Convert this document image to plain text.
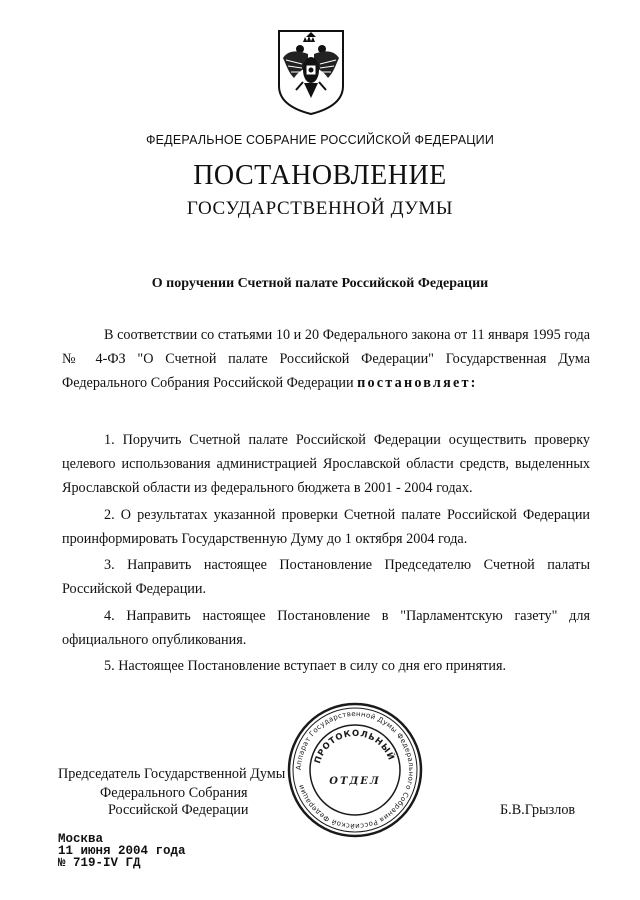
ФЕДЕРАЛЬНОЕ СОБРАНИЕ РОССИЙСКОЙ ФЕДЕРАЦИИ
ПОСТАНОВЛЕНИЕ
ГОСУДАРСТВЕННОЙ ДУМЫ
О поручении Счетной палате Российской Федерации

В соответствии со статьями 10 и 20 Федерального закона от 11 января 1995 года № 4-ФЗ "О Счетной палате Российской Федерации" Государственная Дума Федерального Собрания Российской Федерации постановляет:

1. Поручить Счетной палате Российской Федерации осуществить проверку целевого использования администрацией Ярославской области средств, выделенных Ярославской области из федерального бюджета в 2001 - 2004 годах.

2. О результатах указанной проверки Счетной палате Российской Федерации проинформировать Государственную Думу до 1 октября 2004 года.

3. Направить настоящее Постановление Председателю Счетной палаты Российской Федерации.

4. Направить настоящее Постановление в "Парламентскую газету" для официального опубликования.

5. Настоящее Постановление вступает в силу со дня его принятия.

Председатель Государственной Думы
Федерального Собрания
Российской Федерации	Б.В.Грызлов
Аппарат Государственной Думы Федерального Собрания Российской Федерации
ПРОТОКОЛЬНЫЙ
ОТДЕЛ
Москва
11 июня 2004 года
№ 719-IV ГД
